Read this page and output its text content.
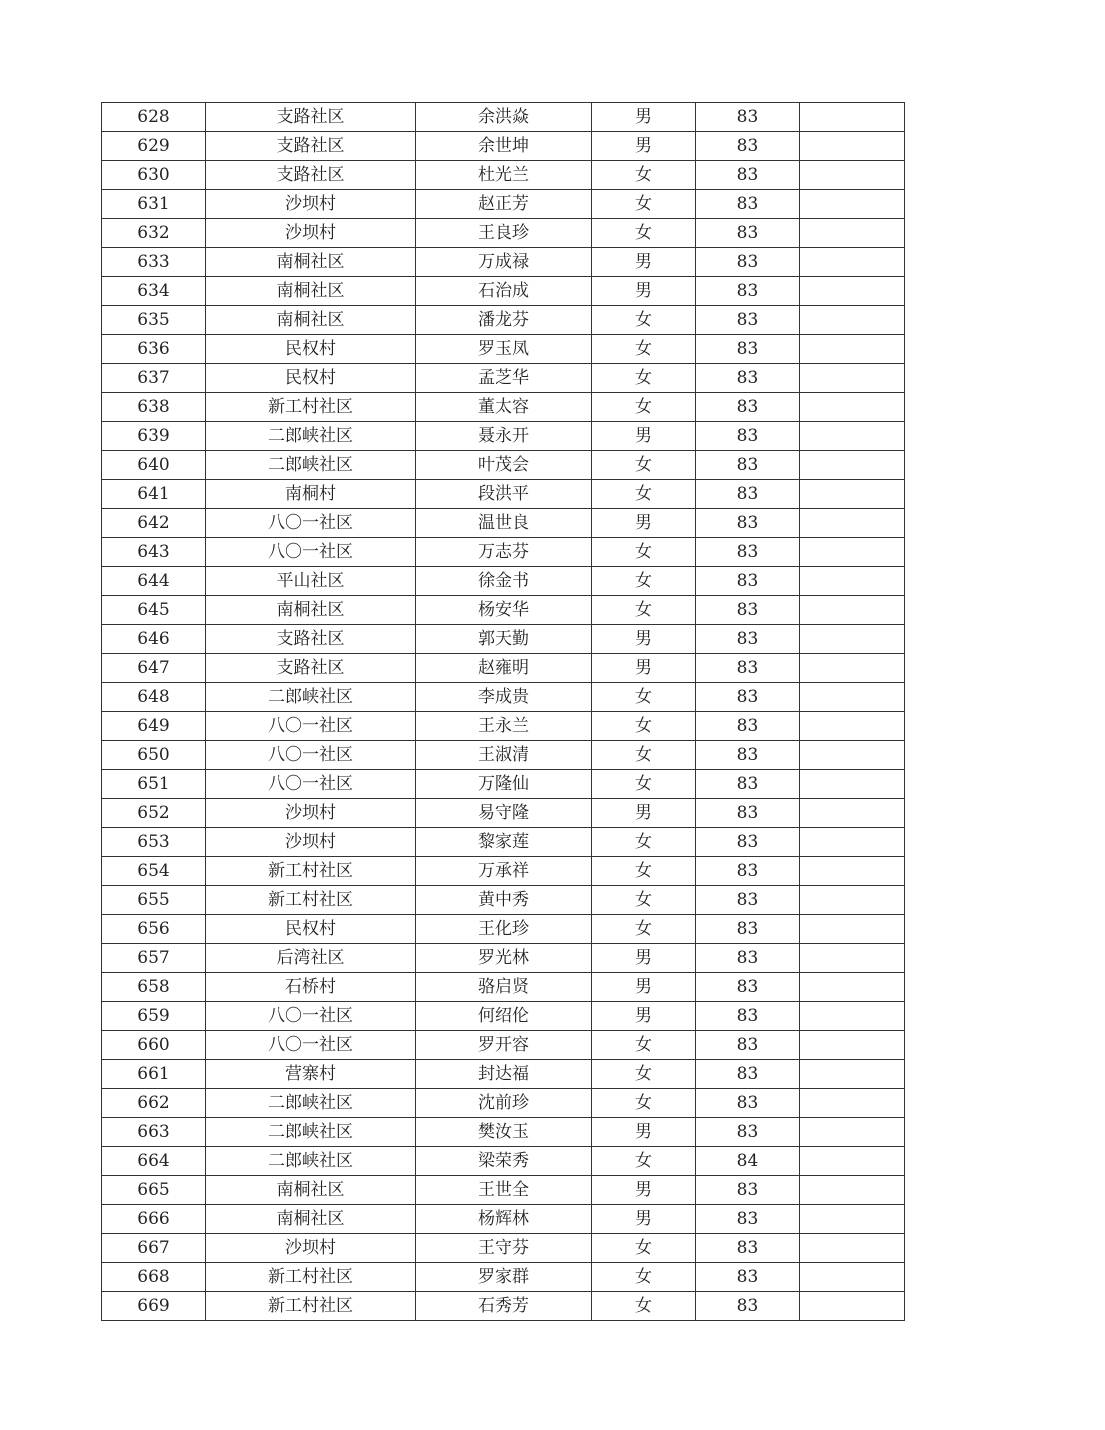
628	支路社区	余洪焱	男	83	
629	支路社区	余世坤	男	83	
630	支路社区	杜光兰	女	83	
631	沙坝村	赵正芳	女	83	
632	沙坝村	王良珍	女	83	
633	南桐社区	万成禄	男	83	
634	南桐社区	石治成	男	83	
635	南桐社区	潘龙芬	女	83	
636	民权村	罗玉凤	女	83	
637	民权村	孟芝华	女	83	
638	新工村社区	董太容	女	83	
639	二郎峡社区	聂永开	男	83	
640	二郎峡社区	叶茂会	女	83	
641	南桐村	段洪平	女	83	
642	八〇一社区	温世良	男	83	
643	八〇一社区	万志芬	女	83	
644	平山社区	徐金书	女	83	
645	南桐社区	杨安华	女	83	
646	支路社区	郭天勤	男	83	
647	支路社区	赵雍明	男	83	
648	二郎峡社区	李成贵	女	83	
649	八〇一社区	王永兰	女	83	
650	八〇一社区	王淑清	女	83	
651	八〇一社区	万隆仙	女	83	
652	沙坝村	易守隆	男	83	
653	沙坝村	黎家莲	女	83	
654	新工村社区	万承祥	女	83	
655	新工村社区	黄中秀	女	83	
656	民权村	王化珍	女	83	
657	后湾社区	罗光林	男	83	
658	石桥村	骆启贤	男	83	
659	八〇一社区	何绍伦	男	83	
660	八〇一社区	罗开容	女	83	
661	营寨村	封达福	女	83	
662	二郎峡社区	沈前珍	女	83	
663	二郎峡社区	樊汝玉	男	83	
664	二郎峡社区	梁荣秀	女	84	
665	南桐社区	王世全	男	83	
666	南桐社区	杨辉林	男	83	
667	沙坝村	王守芬	女	83	
668	新工村社区	罗家群	女	83	
669	新工村社区	石秀芳	女	83	
